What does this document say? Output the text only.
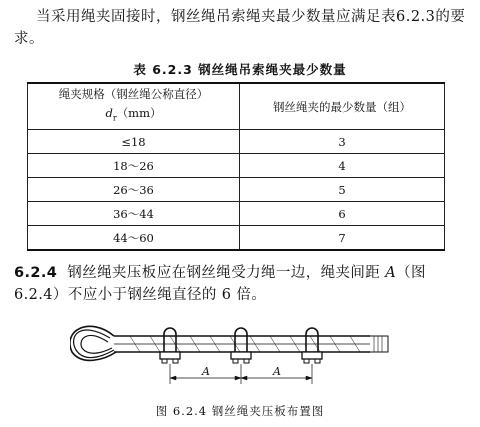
当采用绳夹固接时，钢丝绳吊索绳夹最少数量应满足表6.2.3的要求。
表 6.2.3 钢丝绳吊索绳夹最少数量
绳夹规格（钢丝绳公称直径）
$d_r(mm)$	钢丝绳夹的最少数量（组）
≤18	3
18～26	4
26～36	5
36～44	6
44～60	7
6.2.4 钢丝绳夹压板应在钢丝绳受力绳一边，绳夹间距 A（图6.2.4）不应小于钢丝绳直径的 6 倍。
A	A
图 6.2.4 钢丝绳夹压板布置图
